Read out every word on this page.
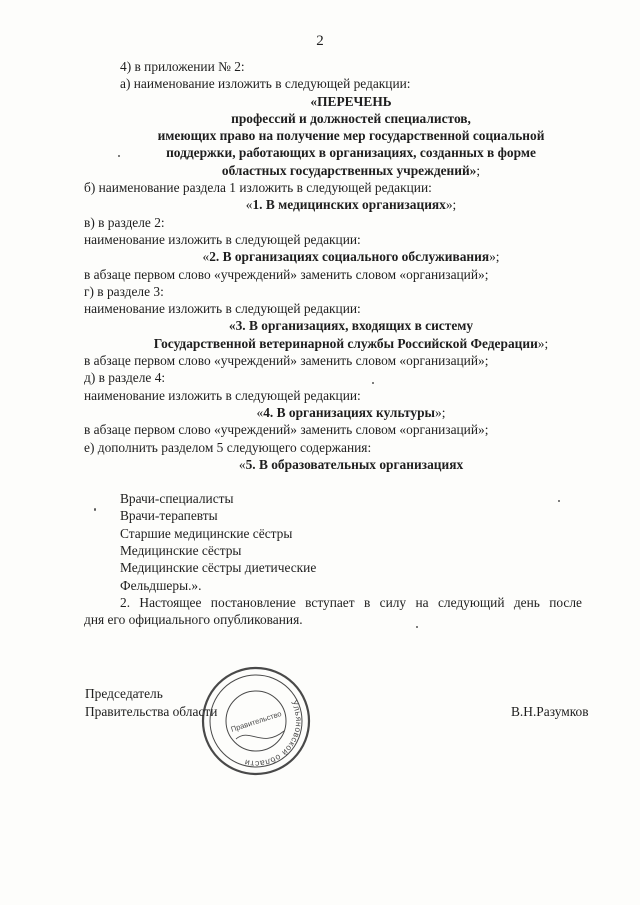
2

4) в приложении № 2:

а) наименование изложить в следующей редакции:

«ПЕРЕЧЕНЬ

профессий и должностей специалистов,

имеющих право на получение мер государственной социальной

поддержки, работающих в организациях, созданных в форме

областных государственных учреждений»;

б) наименование раздела 1 изложить в следующей редакции:

«1. В медицинских организациях»;

в) в разделе 2:

наименование изложить в следующей редакции:

«2. В организациях социального обслуживания»;

в абзаце первом слово «учреждений» заменить словом «организаций»;

г) в разделе 3:

наименование изложить в следующей редакции:

«3. В организациях, входящих в систему

Государственной ветеринарной службы Российской Федерации»;

в абзаце первом слово «учреждений» заменить словом «организаций»;

д) в разделе 4:

наименование изложить в следующей редакции:

«4. В организациях культуры»;

в абзаце первом слово «учреждений» заменить словом «организаций»;

е) дополнить разделом 5 следующего содержания:

«5. В образовательных организациях

Врачи-специалисты

Врачи-терапевты

Старшие медицинские сёстры

Медицинские сёстры

Медицинские сёстры диетические

Фельдшеры.».

2. Настоящее постановление вступает в силу на следующий день после

дня его официального опубликования.

Председатель

Правительства области	В.Н.Разумков

Ульяновской области
Правительство
